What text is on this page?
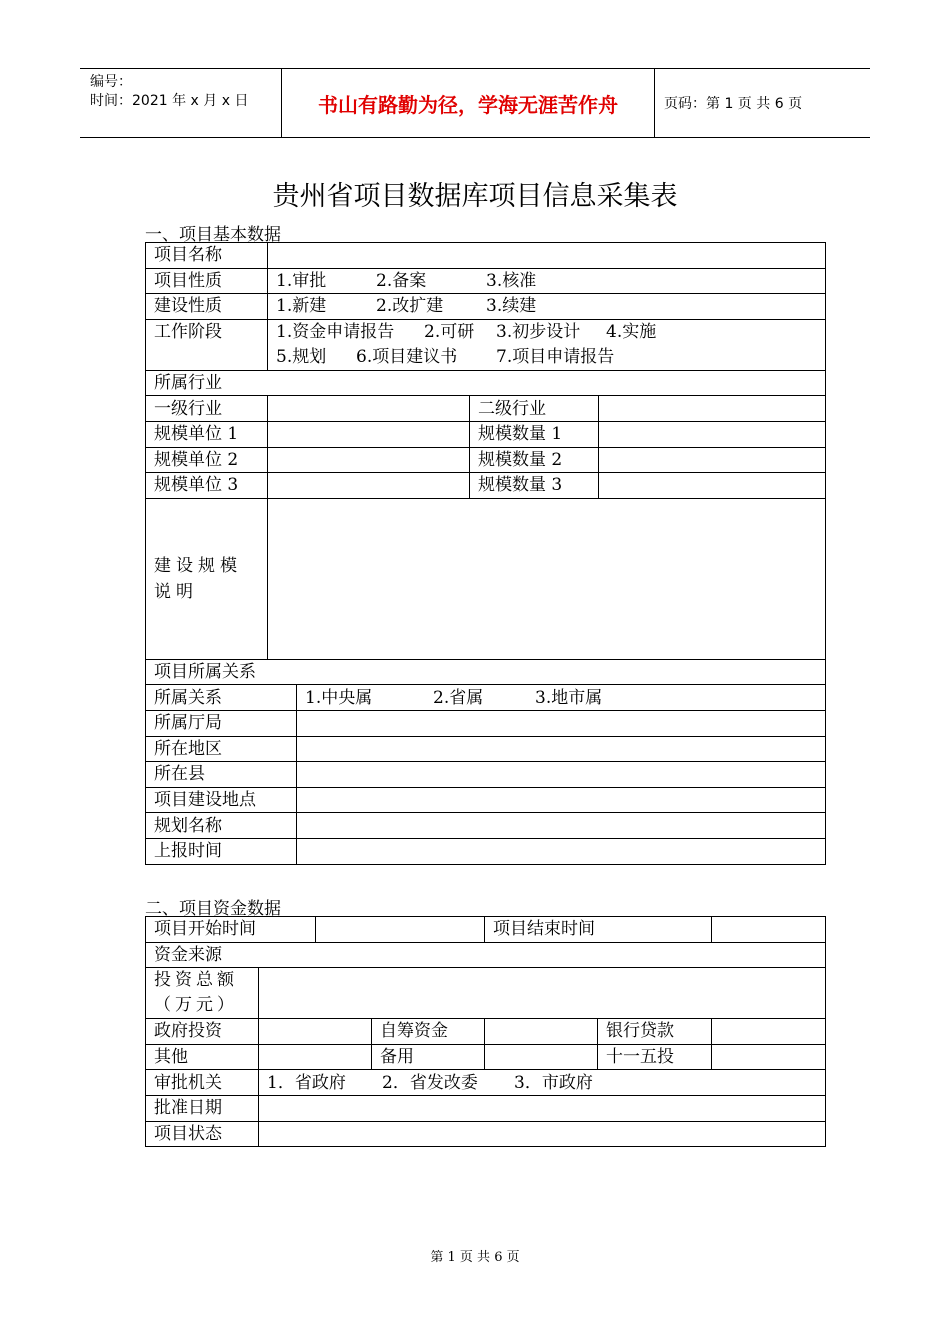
编号：
时间：2021 年 x 月 x 日	书山有路勤为径，学海无涯苦作舟	页码：第 1 页 共 6 页
贵州省项目数据库项目信息采集表
一、项目基本数据
项目名称				
项目性质	1.审批 2.备案 3.核准			
建设性质	1.新建 2.改扩建 3.续建			
工作阶段	1.资金申请报告 2.可研 3.初步设计 4.实施
5.规划 6.项目建议书 7.项目申请报告			

所属行业				
一级行业			二级行业	
规模单位 1			规模数量 1	
规模单位 2			规模数量 2	
规模单位 3			规模数量 3	
建设规模说明				
项目所属关系				
所属关系		1.中央属 2.省属 3.地市属		
所属厅局				
所在地区				
所在县				
项目建设地点				
规划名称				
上报时间				
二、项目资金数据
项目开始时间				项目结束时间		
资金来源						
投资总额（万元）						
政府投资			自筹资金		银行贷款	
其他			备用		十一五投	
审批机关	1．省政府 2．省发改委 3．市政府					
批准日期						
项目状态						
第 1 页 共 6 页
